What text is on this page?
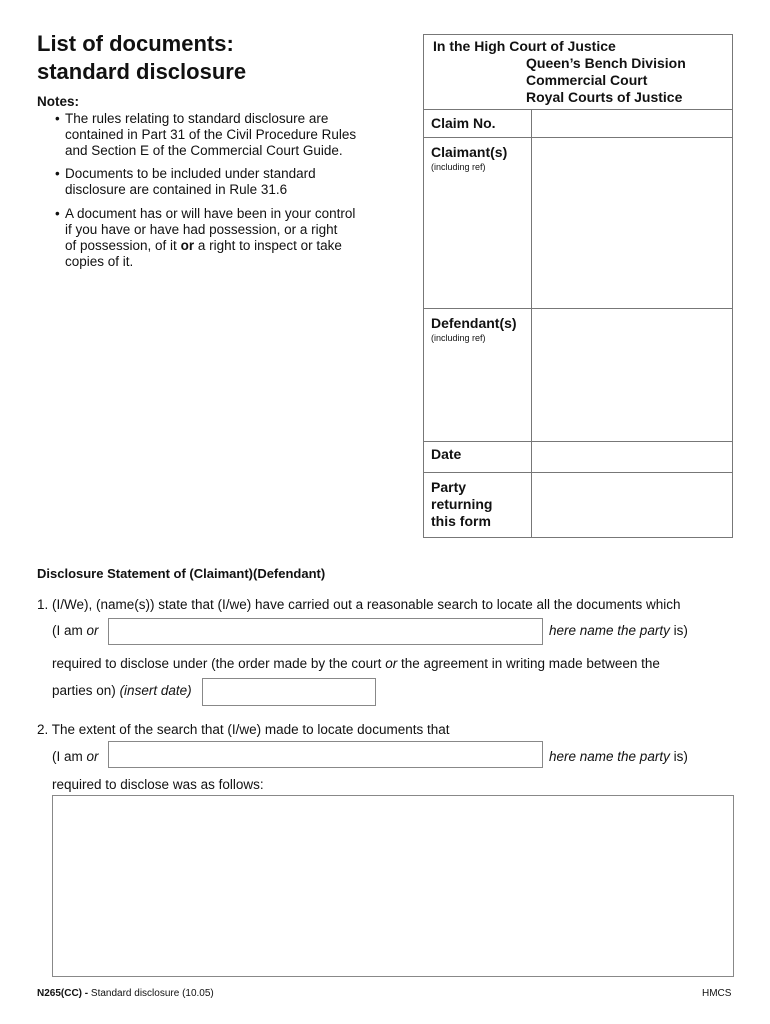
List of documents:
standard disclosure
Notes:
• The rules relating to standard disclosure are
contained in Part 31 of the Civil Procedure Rules
and Section E of the Commercial Court Guide.
• Documents to be included under standard
disclosure are contained in Rule 31.6
• A document has or will have been in your control
if you have or have had possession, or a right
of possession, of it or a right to inspect or take
copies of it.
In the High Court of Justice
Queen’s Bench Division
Commercial Court
Royal Courts of Justice
Claim No.
Claimant(s)
(including ref)
Defendant(s)
(including ref)
Date
Party
returning
this form
Disclosure Statement of (Claimant)(Defendant)
1. (I/We), (name(s)) state that (I/we) have carried out a reasonable search to locate all the documents which
(I am or	here name the party is)
required to disclose under (the order made by the court or the agreement in writing made between the
parties on) (insert date)
2. The extent of the search that (I/we) made to locate documents that
(I am or	here name the party is)
required to disclose was as follows:
N265(CC) - Standard disclosure (10.05)	HMCS
